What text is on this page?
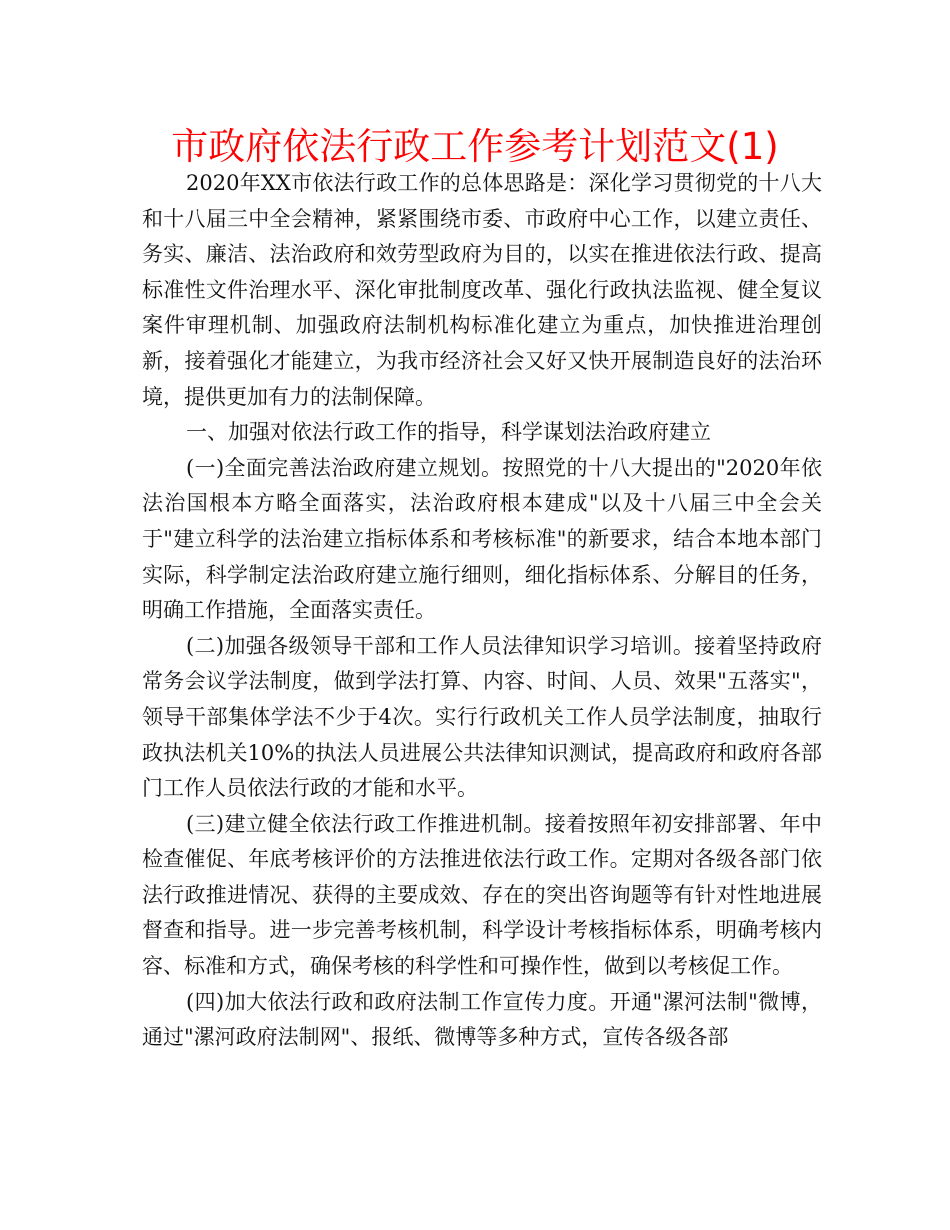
市政府依法行政工作参考计划范文(1)

2020年XX市依法行政工作的总体思路是：深化学习贯彻党的十八大和十八届三中全会精神，紧紧围绕市委、市政府中心工作，以建立责任、务实、廉洁、法治政府和效劳型政府为目的，以实在推进依法行政、提高标准性文件治理水平、深化审批制度改革、强化行政执法监视、健全复议案件审理机制、加强政府法制机构标准化建立为重点，加快推进治理创新，接着强化才能建立，为我市经济社会又好又快开展制造良好的法治环境，提供更加有力的法制保障。

一、加强对依法行政工作的指导，科学谋划法治政府建立

(一)全面完善法治政府建立规划。按照党的十八大提出的"2020年依法治国根本方略全面落实，法治政府根本建成"以及十八届三中全会关于"建立科学的法治建立指标体系和考核标准"的新要求，结合本地本部门实际，科学制定法治政府建立施行细则，细化指标体系、分解目的任务，明确工作措施，全面落实责任。

(二)加强各级领导干部和工作人员法律知识学习培训。接着坚持政府常务会议学法制度，做到学法打算、内容、时间、人员、效果"五落实"，领导干部集体学法不少于4次。实行行政机关工作人员学法制度，抽取行政执法机关10%的执法人员进展公共法律知识测试，提高政府和政府各部门工作人员依法行政的才能和水平。

(三)建立健全依法行政工作推进机制。接着按照年初安排部署、年中检查催促、年底考核评价的方法推进依法行政工作。定期对各级各部门依法行政推进情况、获得的主要成效、存在的突出咨询题等有针对性地进展督查和指导。进一步完善考核机制，科学设计考核指标体系，明确考核内容、标准和方式，确保考核的科学性和可操作性，做到以考核促工作。

(四)加大依法行政和政府法制工作宣传力度。开通"漯河法制"微博，通过"漯河政府法制网"、报纸、微博等多种方式，宣传各级各部
